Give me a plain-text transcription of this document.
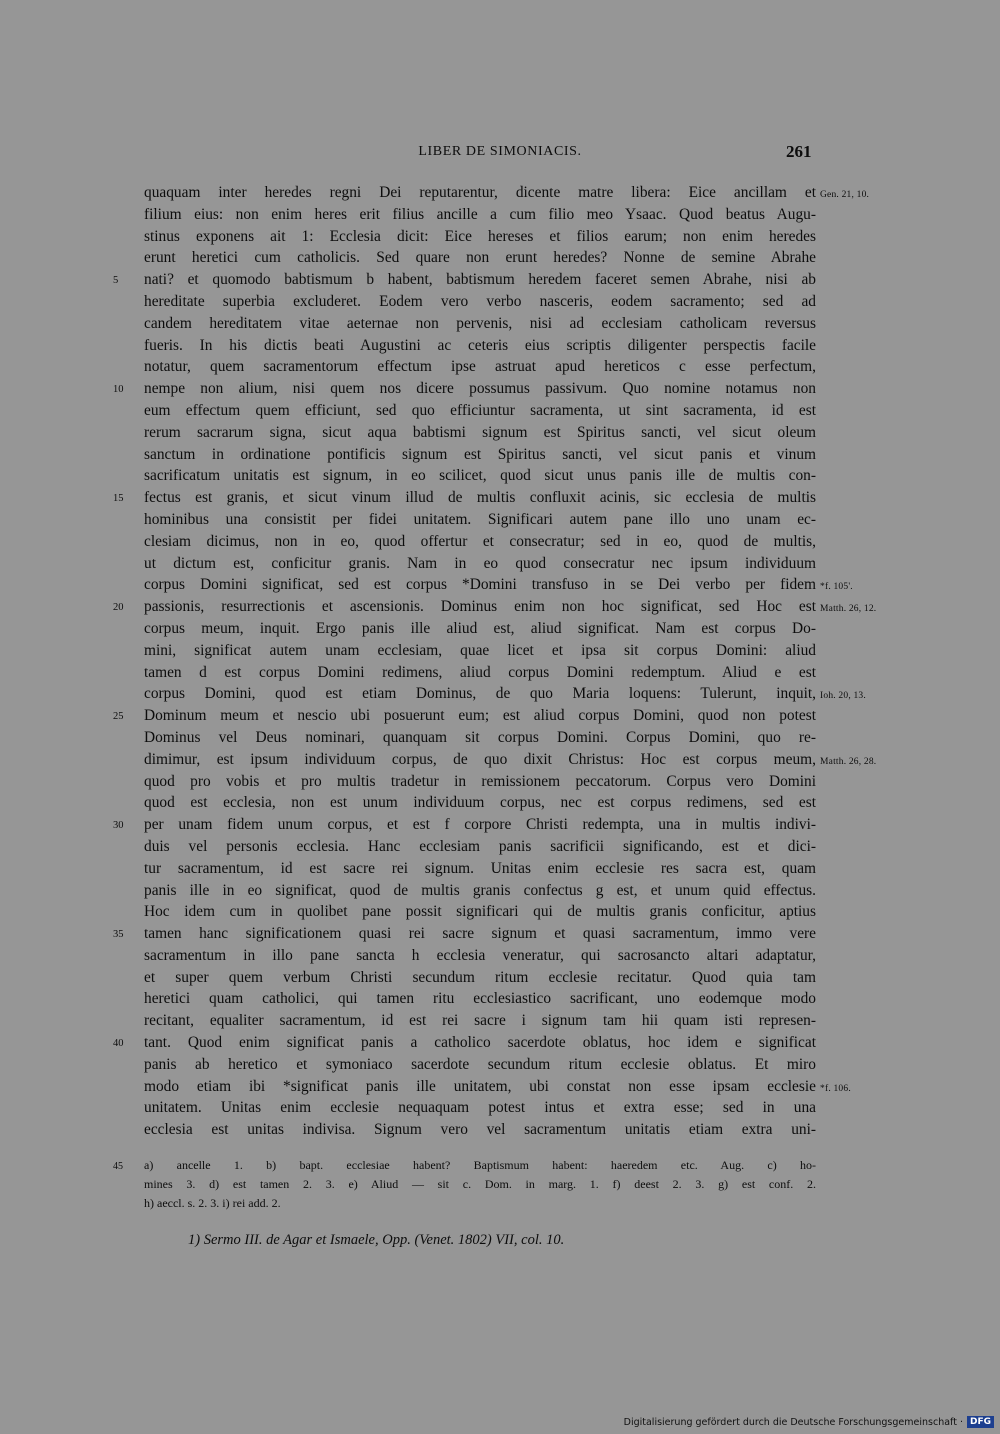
LIBER DE SIMONIACIS.	261
quaquam inter heredes regni Dei reputarentur, dicente matre libera: Eice ancillam et Gen. 21, 10.
filium eius: non enim heres erit filius ancille a cum filio meo Ysaac. Quod beatus Augu-
stinus exponens ait 1: Ecclesia dicit: Eice hereses et filios earum; non enim heredes
erunt heretici cum catholicis. Sed quare non erunt heredes? Nonne de semine Abrahe
nati? et quomodo babtismum b habent, babtismum heredem faceret semen Abrahe, nisi ab
5
hereditate superbia excluderet. Eodem vero verbo nasceris, eodem sacramento; sed ad
candem hereditatem vitae aeternae non pervenis, nisi ad ecclesiam catholicam reversus
fueris. In his dictis beati Augustini ac ceteris eius scriptis diligenter perspectis facile
notatur, quem sacramentorum effectum ipse astruat apud hereticos c esse perfectum,
nempe non alium, nisi quem nos dicere possumus passivum. Quo nomine notamus non
10
eum effectum quem efficiunt, sed quo efficiuntur sacramenta, ut sint sacramenta, id est
rerum sacrarum signa, sicut aqua babtismi signum est Spiritus sancti, vel sicut oleum
sanctum in ordinatione pontificis signum est Spiritus sancti, vel sicut panis et vinum
sacrificatum unitatis est signum, in eo scilicet, quod sicut unus panis ille de multis con-
fectus est granis, et sicut vinum illud de multis confluxit acinis, sic ecclesia de multis
15
hominibus una consistit per fidei unitatem. Significari autem pane illo uno unam ec-
clesiam dicimus, non in eo, quod offertur et consecratur; sed in eo, quod de multis,
ut dictum est, conficitur granis. Nam in eo quod consecratur nec ipsum individuum
corpus Domini significat, sed est corpus *Domini transfuso in se Dei verbo per fidem *f. 105'.
passionis, resurrectionis et ascensionis. Dominus enim non hoc significat, sed Hoc est
20	Matth. 26, 12.
corpus meum, inquit. Ergo panis ille aliud est, aliud significat. Nam est corpus Do-
mini, significat autem unam ecclesiam, quae licet et ipsa sit corpus Domini: aliud
tamen d est corpus Domini redimens, aliud corpus Domini redemptum. Aliud e est
corpus Domini, quod est etiam Dominus, de quo Maria loquens: Tulerunt, inquit, Ioh. 20, 13.
Dominum meum et nescio ubi posuerunt eum; est aliud corpus Domini, quod non potest
25
Dominus vel Deus nominari, quanquam sit corpus Domini. Corpus Domini, quo re-
dimimur, est ipsum individuum corpus, de quo dixit Christus: Hoc est corpus meum, Matth. 26, 28.
quod pro vobis et pro multis tradetur in remissionem peccatorum. Corpus vero Domini
quod est ecclesia, non est unum individuum corpus, nec est corpus redimens, sed est
per unam fidem unum corpus, et est f corpore Christi redempta, una in multis indivi-
30
duis vel personis ecclesia. Hanc ecclesiam panis sacrificii significando, est et dici-
tur sacramentum, id est sacre rei signum. Unitas enim ecclesie res sacra est, quam
panis ille in eo significat, quod de multis granis confectus g est, et unum quid effectus.
Hoc idem cum in quolibet pane possit significari qui de multis granis conficitur, aptius
tamen hanc significationem quasi rei sacre signum et quasi sacramentum, immo vere
35
sacramentum in illo pane sancta h ecclesia veneratur, qui sacrosancto altari adaptatur,
et super quem verbum Christi secundum ritum ecclesie recitatur. Quod quia tam
heretici quam catholici, qui tamen ritu ecclesiastico sacrificant, uno eodemque modo
recitant, equaliter sacramentum, id est rei sacre i signum tam hii quam isti represen-
tant. Quod enim significat panis a catholico sacerdote oblatus, hoc idem e significat
40
panis ab heretico et symoniaco sacerdote secundum ritum ecclesie oblatus. Et miro
modo etiam ibi *significat panis ille unitatem, ubi constat non esse ipsam ecclesie *f. 106.
unitatem. Unitas enim ecclesie nequaquam potest intus et extra esse; sed in una
ecclesia est unitas indivisa. Signum vero vel sacramentum unitatis etiam extra uni-
a) ancelle 1. b) bapt. ecclesiae habent? Baptismum habent: haeredem etc. Aug. c) ho-
45
mines 3. d) est tamen 2. 3. e) Aliud — sit c. Dom. in marg. 1. f) deest 2. 3. g) est conf. 2.
h) aeccl. s. 2. 3. i) rei add. 2.
1) Sermo III. de Agar et Ismaele, Opp. (Venet. 1802) VII, col. 10.
Digitalisierung gefördert durch die Deutsche Forschungsgemeinschaft · DFG
